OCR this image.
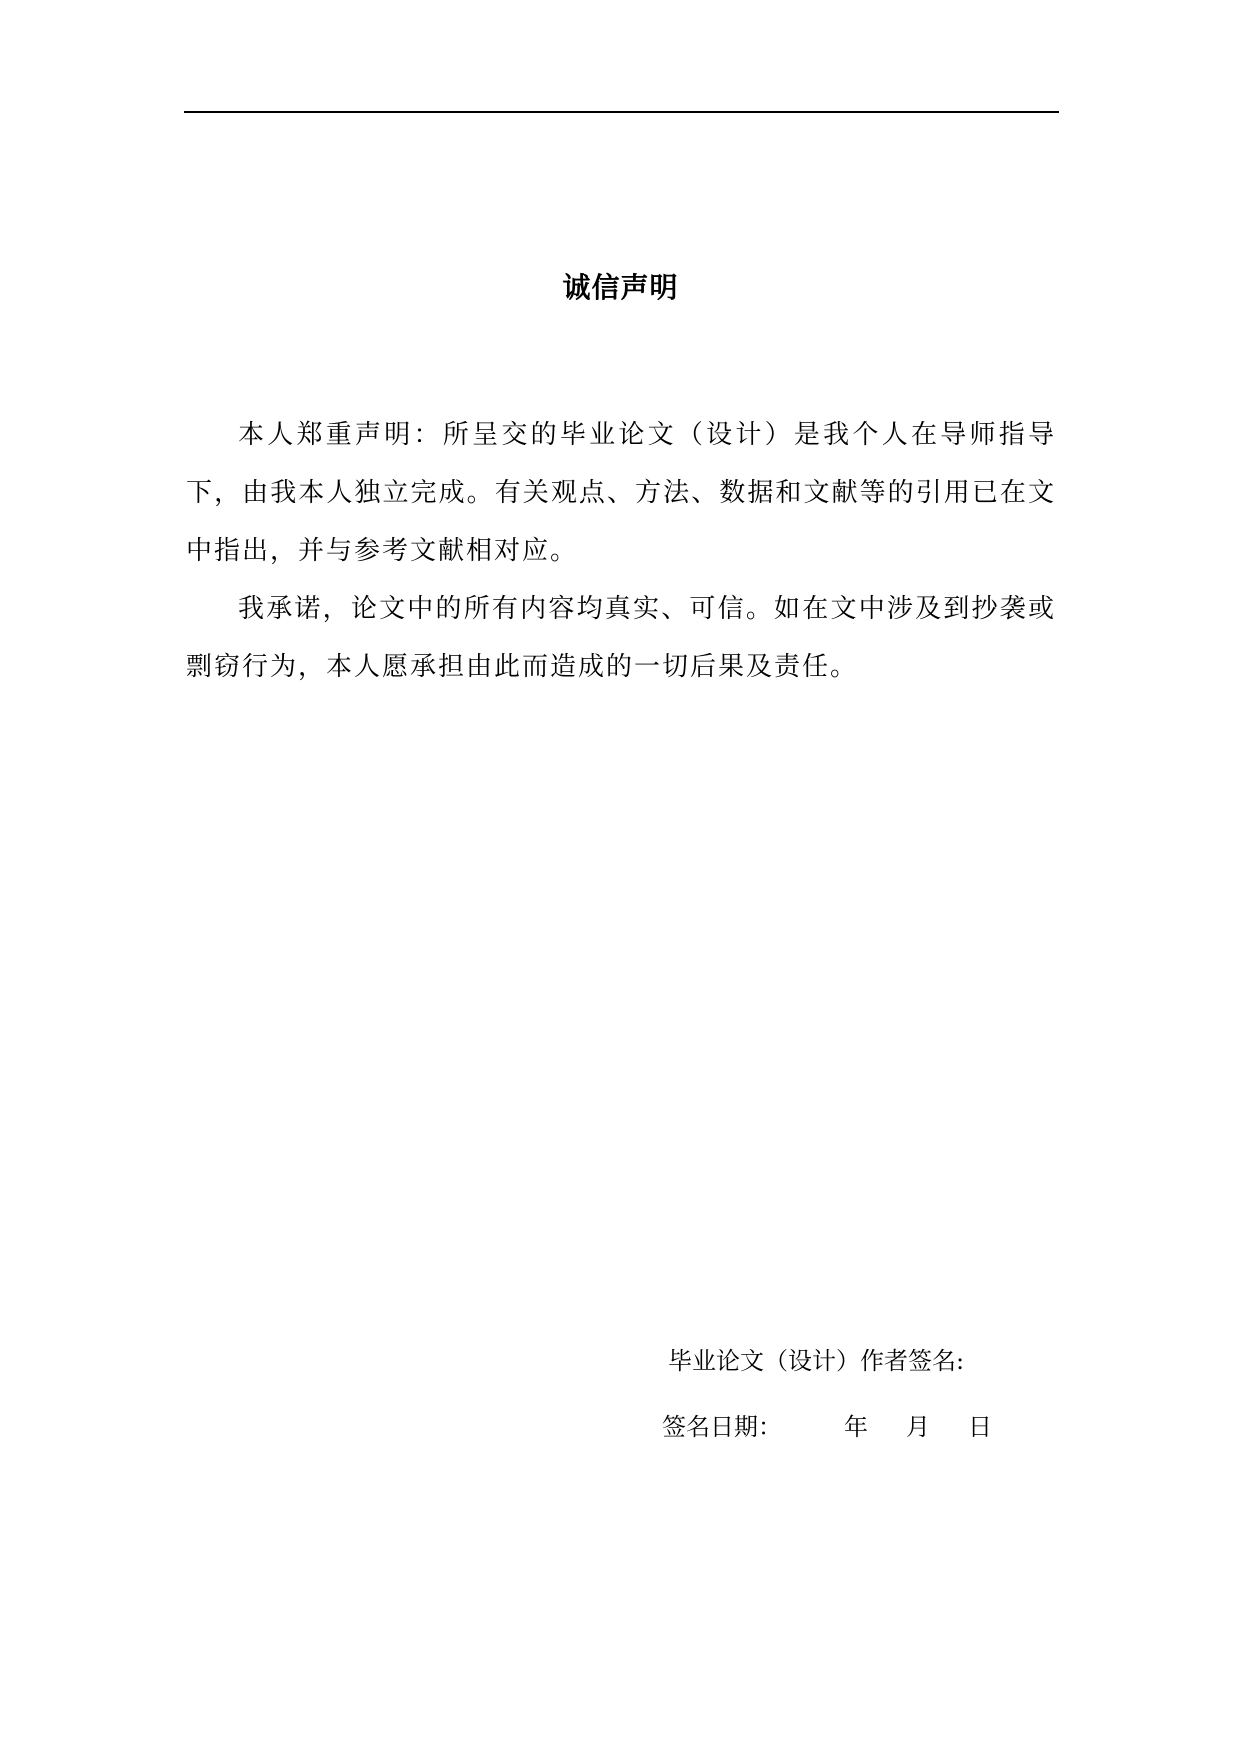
诚信声明

本人郑重声明：所呈交的毕业论文（设计）是我个人在导师指导下，由我本人独立完成。有关观点、方法、数据和文献等的引用已在文中指出，并与参考文献相对应。

我承诺，论文中的所有内容均真实、可信。如在文中涉及到抄袭或剽窃行为，本人愿承担由此而造成的一切后果及责任。

毕业论文（设计）作者签名:
签名日期：	年 月 日
